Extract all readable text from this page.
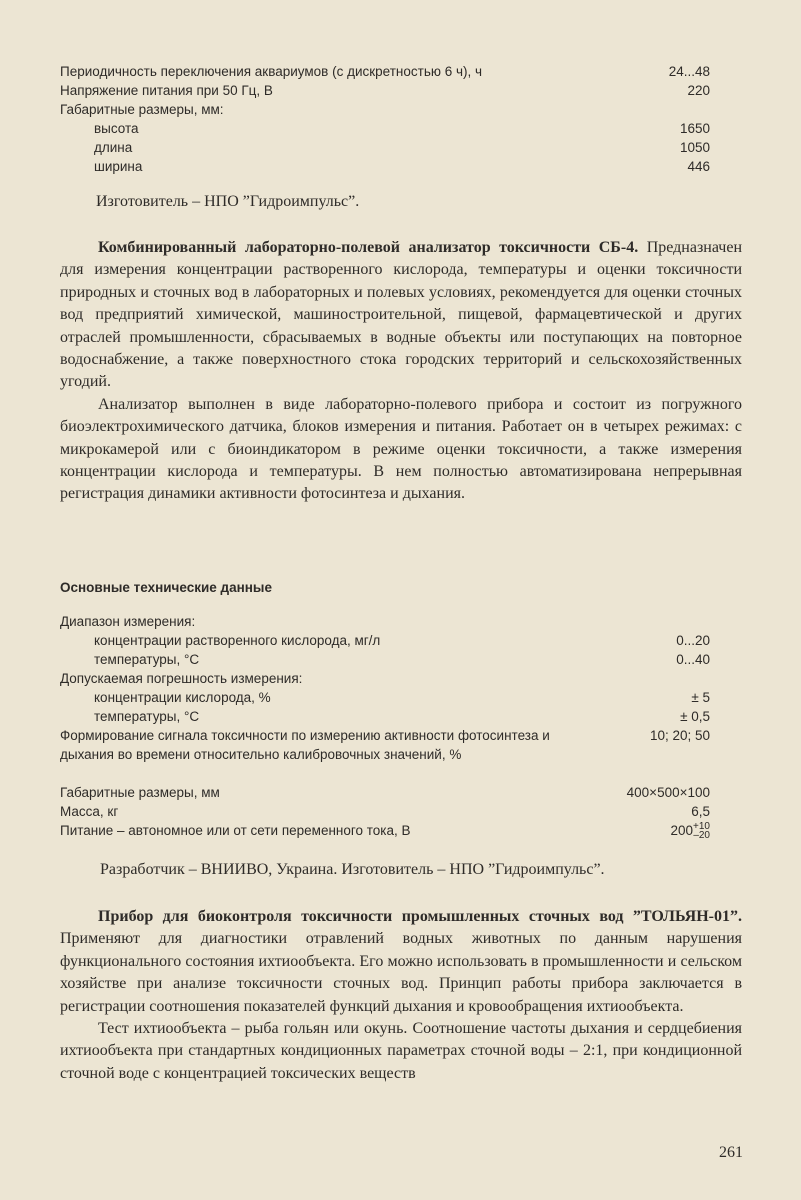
Периодичность переключения аквариумов (с дискретностью 6 ч), ч	24...48
Напряжение питания при 50 Гц, В	220
Габаритные размеры, мм:
высота	1650
длина	1050
ширина	446
Изготовитель – НПО ”Гидроимпульс”.

Комбинированный лабораторно-полевой анализатор токсичности СБ-4. Предназначен для измерения концентрации растворенного кислорода, температуры и оценки токсичности природных и сточных вод в лабораторных и полевых условиях, рекомендуется для оценки сточных вод предприятий химической, машиностроительной, пищевой, фармацевтической и других отраслей промышленности, сбрасываемых в водные объекты или поступающих на повторное водоснабжение, а также поверхностного стока городских территорий и сельскохозяйственных угодий.

Анализатор выполнен в виде лабораторно-полевого прибора и состоит из погружного биоэлектрохимического датчика, блоков измерения и питания. Работает он в четырех режимах: с микрокамерой или с биоиндикатором в режиме оценки токсичности, а также измерения концентрации кислорода и температуры. В нем полностью автоматизирована непрерывная регистрация динамики активности фотосинтеза и дыхания.

Основные технические данные
Диапазон измерения:
концентрации растворенного кислорода, мг/л	0...20
температуры, °С	0...40
Допускаемая погрешность измерения:
концентрации кислорода, %	± 5
температуры, °С	± 0,5
Формирование сигнала токсичности по измерению активности фотосинтеза и дыхания во времени относительно калибровочных значений, %
10; 20; 50
Габаритные размеры, мм	400×500×100
Масса, кг	6,5
Питание – автономное или от сети переменного тока, В	200 +10
–20
Разработчик – ВНИИВО, Украина. Изготовитель – НПО ”Гидроимпульс”.

Прибор для биоконтроля токсичности промышленных сточных вод ”ТОЛЬЯН-01”. Применяют для диагностики отравлений водных животных по данным нарушения функционального состояния ихтиообъекта. Его можно использовать в промышленности и сельском хозяйстве при анализе токсичности сточных вод. Принцип работы прибора заключается в регистрации соотношения показателей функций дыхания и кровообращения ихтиообъекта.

Тест ихтиообъекта – рыба гольян или окунь. Соотношение частоты дыхания и сердцебиения ихтиообъекта при стандартных кондиционных параметрах сточной воды – 2:1, при кондиционной сточной воде с концентрацией токсических веществ

261
